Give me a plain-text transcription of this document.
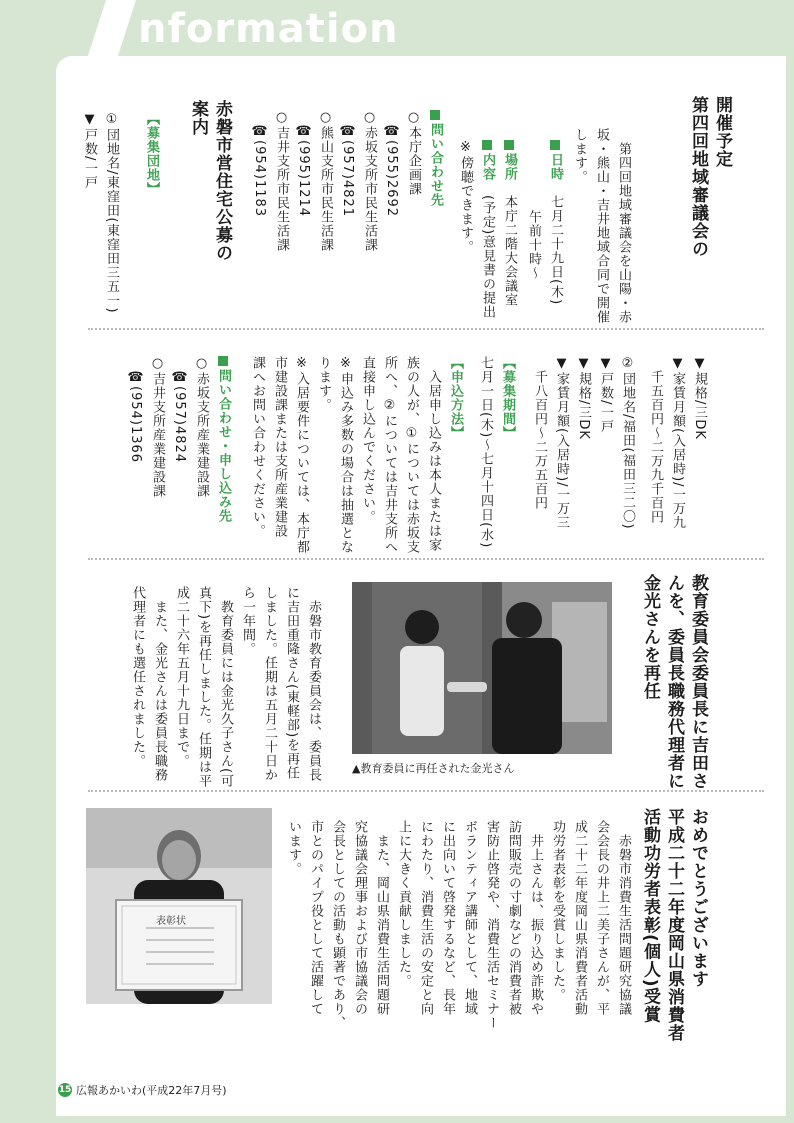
nformation
第四回地域審議会の 開催予定
　第四回地域審議会を山陽・赤
坂・熊山・吉井地域合同で開催
します。
日時　七月二十九日(木)
午前十時～
場所　本庁二階大会議室
内容　(予定)意見書の提出
※傍聴できます。
問い合わせ先
○本庁企画課
　☎(955)2692
○赤坂支所市民生活課
　☎(957)4821
○熊山支所市民生活課
　☎(995)1214
○吉井支所市民生活課
　☎(954)1183
赤磐市営住宅公募の
案内
【募集団地】
①団地名/東窪田(東窪田三五一)
▼戸数/一戸
▼規格/三DK
▼家賃月額(入居時)/一万九
　千五百円～二万九千百円
②団地名/福田(福田三二〇)
▼戸数/一戸
▼規格/三DK
▼家賃月額(入居時)/一万三
　千八百円～二万五百円
【募集期間】
七月一日(木)～七月十四日(水)
【申込方法】
　入居申し込みは本人または家
族の人が、①については赤坂支
所へ、②については吉井支所へ
直接申し込んでください。
※申込み多数の場合は抽選とな
ります。
※入居要件については、本庁都
市建設課または支所産業建設
課へお問い合わせください。
問い合わせ・申し込み先
○赤坂支所産業建設課
　☎(957)4824
○吉井支所産業建設課
　☎(954)1366
教育委員会委員長に吉田さ
んを、委員長職務代理者に
金光さんを再任
▲教育委員に再任された金光さん
　赤磐市教育委員会は、委員長
に吉田重隆さん(東軽部)を再任
しました。任期は五月二十日か
ら一年間。
　教育委員には金光久子さん(可
真下)を再任しました。任期は平
成二十六年五月十九日まで。
　また、金光さんは委員長職務
代理者にも選任されました。
おめでとうございます
平成二十二年度岡山県消費者
活動功労者表彰(個人)受賞
　赤磐市消費生活問題研究協議
会会長の井上二美子さんが、平
成二十二年度岡山県消費者活動
功労者表彰を受賞しました。
　井上さんは、振り込め詐欺や
訪問販売の寸劇などの消費者被
害防止啓発や、消費生活セミナー
ボランティア講師として、地域
に出向いて啓発するなど、長年
にわたり、消費生活の安定と向
上に大きく貢献しました。
　また、岡山県消費生活問題研
究協議会理事および市協議会の
会長としての活動も顕著であり、
市とのパイプ役として活躍して
います。
表彰状
15 広報あかいわ(平成22年7月号)
